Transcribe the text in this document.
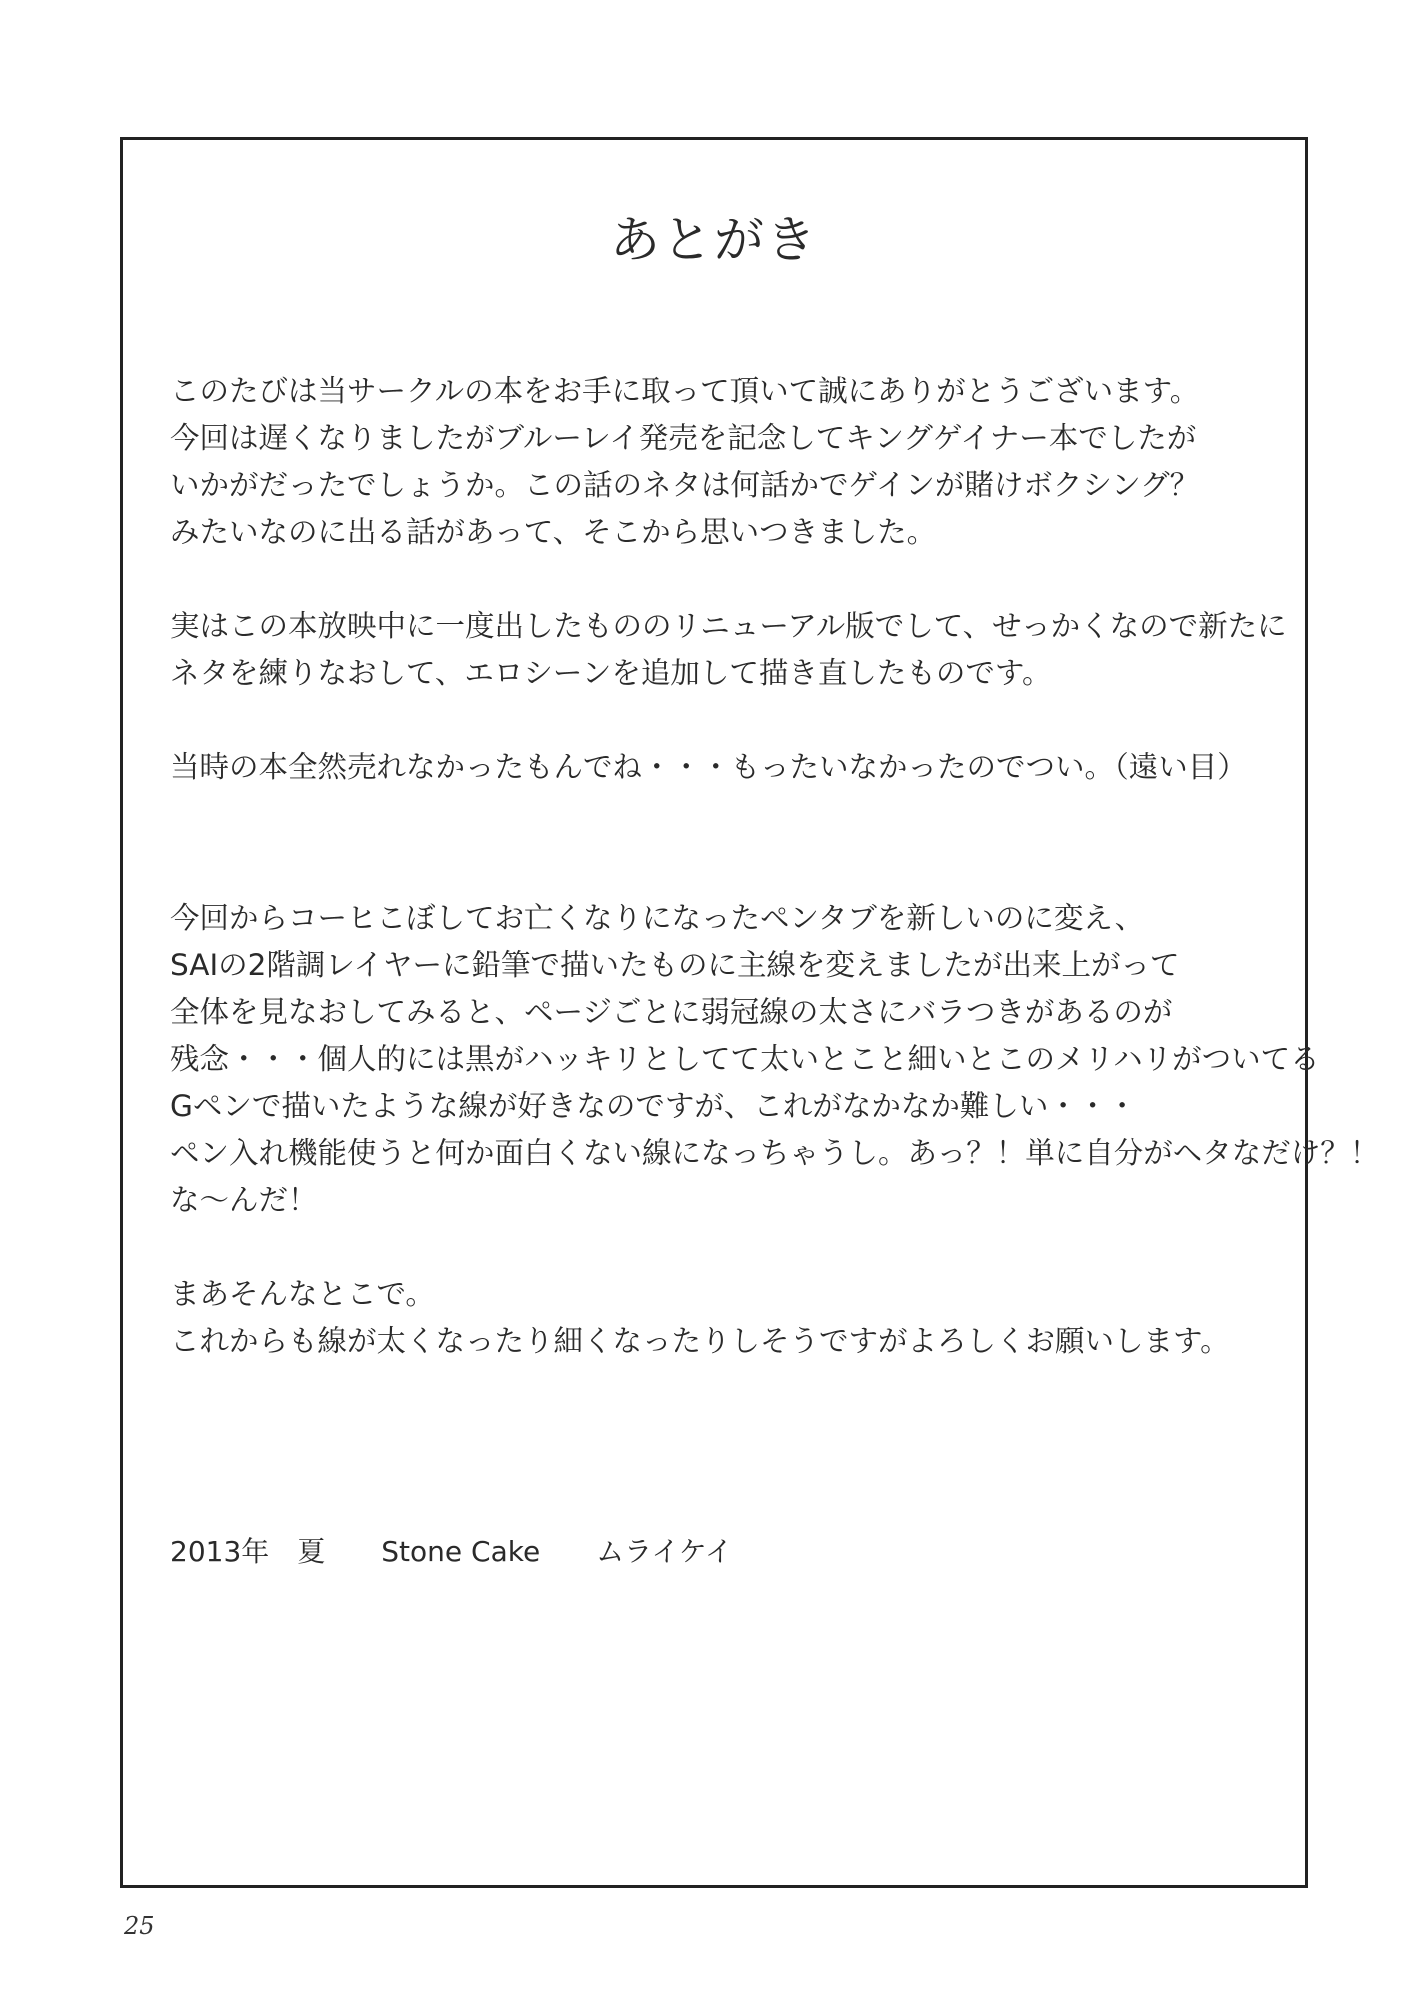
あとがき

このたびは当サークルの本をお手に取って頂いて誠にありがとうございます。
今回は遅くなりましたがブルーレイ発売を記念してキングゲイナー本でしたが
いかがだったでしょうか。この話のネタは何話かでゲインが賭けボクシング？
みたいなのに出る話があって、そこから思いつきました。

実はこの本放映中に一度出したもののリニューアル版でして、せっかくなので新たに
ネタを練りなおして、エロシーンを追加して描き直したものです。

当時の本全然売れなかったもんでね・・・もったいなかったのでつい。（遠い目）

今回からコーヒこぼしてお亡くなりになったペンタブを新しいのに変え、
SAIの2階調レイヤーに鉛筆で描いたものに主線を変えましたが出来上がって
全体を見なおしてみると、ページごとに弱冠線の太さにバラつきがあるのが
残念・・・個人的には黒がハッキリとしてて太いとこと細いとこのメリハリがついてる
Gペンで描いたような線が好きなのですが、これがなかなか難しい・・・
ペン入れ機能使うと何か面白くない線になっちゃうし。あっ？！単に自分がヘタなだけ？！
な～んだ！

まあそんなとこで。
これからも線が太くなったり細くなったりしそうですがよろしくお願いします。

2013年　夏　　Stone Cake　　ムライケイ
25
